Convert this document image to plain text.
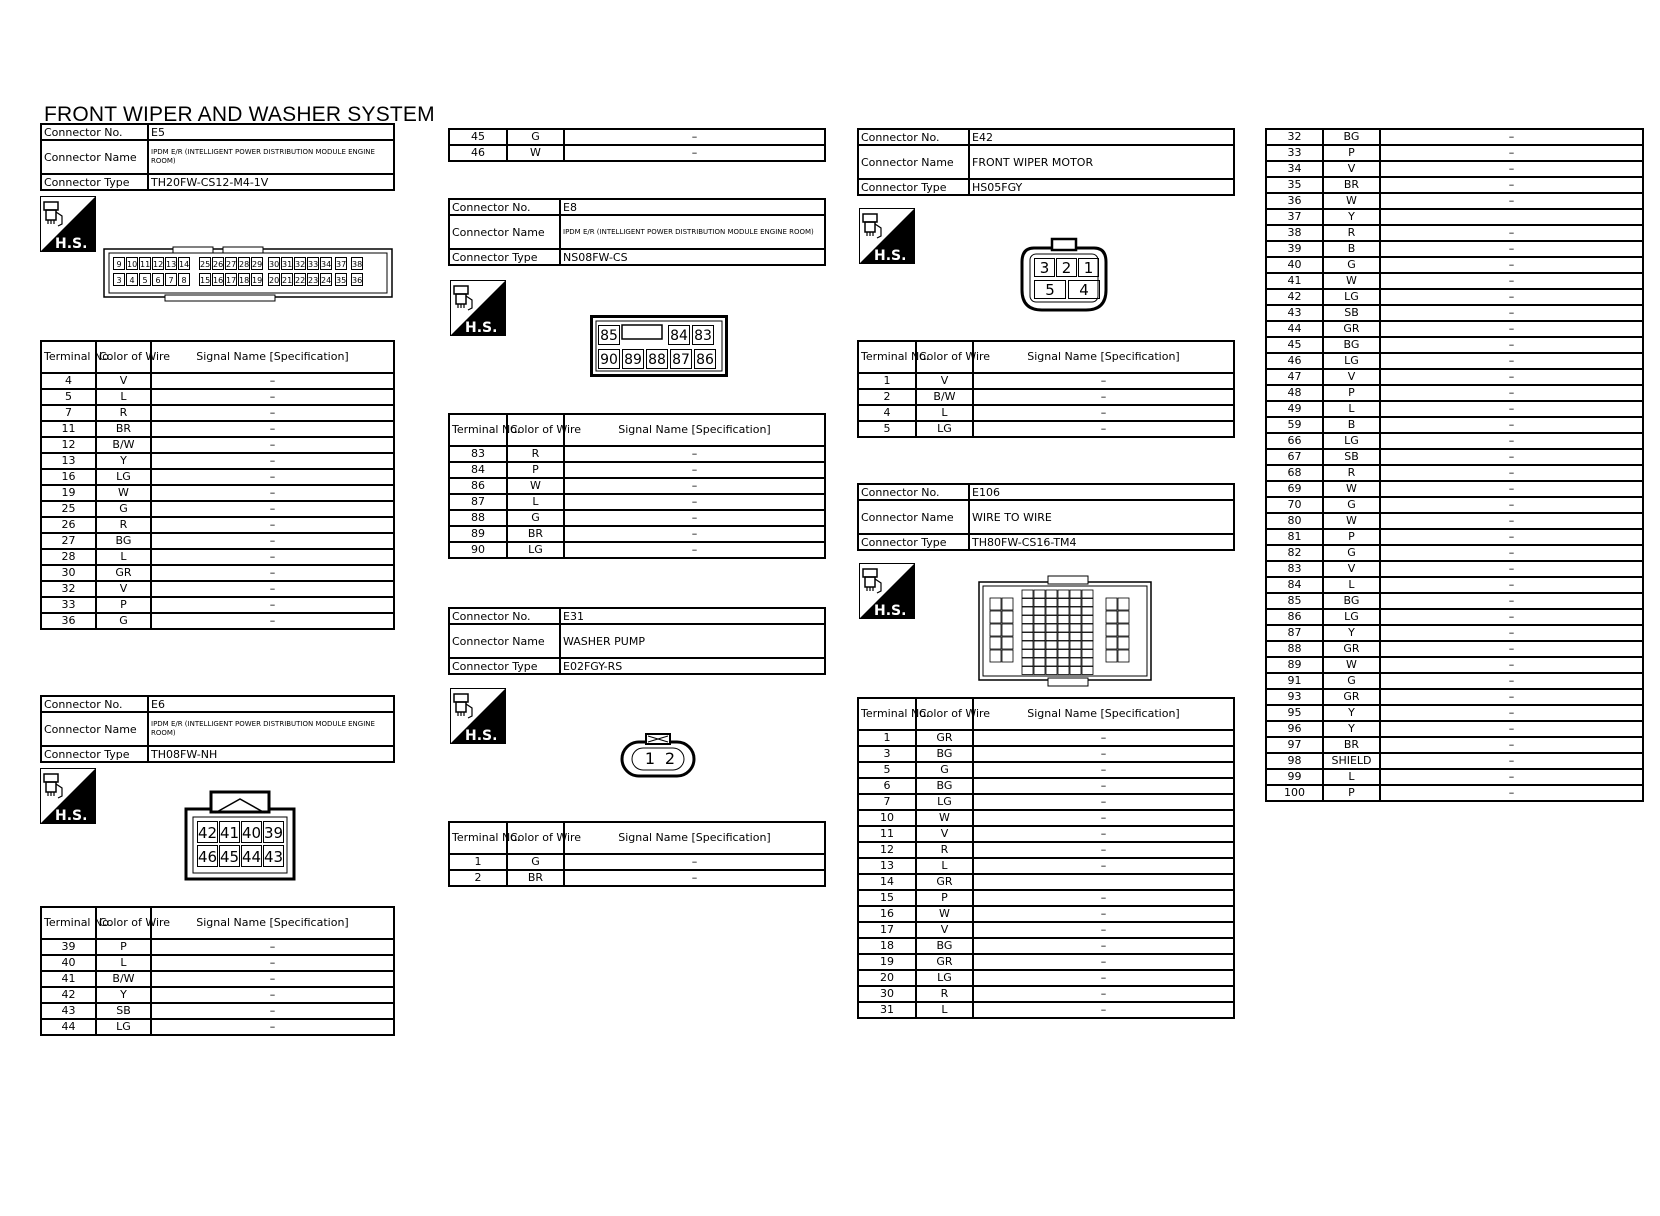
FRONT WIPER AND WASHER SYSTEM
Connector No.	E5
Connector Name	IPDM E/R (INTELLIGENT POWER DISTRIBUTION MODULE ENGINE ROOM)
Connector Type	TH20FW-CS12-M4-1V
H.S.
9 10 11 12 13 14 25 26 27 28 29 30 31 32 33 34 37 38
3 4 5 6 7 8	15 16 17 18 19 20 21 22 23 24 35 36
Terminal No.	Color of Wire	Signal Name [Specification]
4	V	–
5	L	–
7	R	–
11	BR	–
12	B/W	–
13	Y	–
16	LG	–
19	W	–
25	G	–
26	R	–
27	BG	–
28	L	–
30	GR	–
32	V	–
33	P	–
36	G	–
Connector No.	E6
Connector Name	IPDM E/R (INTELLIGENT POWER DISTRIBUTION MODULE ENGINE ROOM)
Connector Type	TH08FW-NH
H.S.
42 41 40 39
46 45 44 43
Terminal No.	Color of Wire	Signal Name [Specification]
39	P	–
40	L	–
41	B/W	–
42	Y	–
43	SB	–
44	LG	–
45	G	–
46	W	–
Connector No.	E8
Connector Name	IPDM E/R (INTELLIGENT POWER DISTRIBUTION MODULE ENGINE ROOM)
Connector Type	NS08FW-CS
H.S.	85	84 83
90 89 88 87 86
Terminal No.	Color of Wire	Signal Name [Specification]
83	R	–
84	P	–
86	W	–
87	L	–
88	G	–
89	BR	–
90	LG	–
Connector No.	E31
Connector Name	WASHER PUMP
Connector Type	E02FGY-RS
H.S.
1 2
Terminal No.	Color of Wire	Signal Name [Specification]
1	G	–
2	BR	–
Connector No.	E42
Connector Name	FRONT WIPER MOTOR
Connector Type	HS05FGY
H.S.
3 2 1
5	4
Terminal No.	Color of Wire	Signal Name [Specification]
1	V	–
2	B/W	–
4	L	–
5	LG	–
Connector No.	E106
Connector Name	WIRE TO WIRE
Connector Type	TH80FW-CS16-TM4
H.S.
Terminal No.	Color of Wire	Signal Name [Specification]
1	GR	–
3	BG	–
5	G	–
6	BG	–
7	LG	–
10	W	–
11	V	–
12	R	–
13	L	–
14	GR	
15	P	–
16	W	–
17	V	–
18	BG	–
19	GR	–
20	LG	–
30	R	–
31	L	–
32	BG	–
33	P	–
34	V	–
35	BR	–
36	W	–
37	Y	
38	R	–
39	B	–
40	G	–
41	W	–
42	LG	–
43	SB	–
44	GR	–
45	BG	–
46	LG	–
47	V	–
48	P	–
49	L	–
59	B	–
66	LG	–
67	SB	–
68	R	–
69	W	–
70	G	–
80	W	–
81	P	–
82	G	–
83	V	–
84	L	–
85	BG	–
86	LG	–
87	Y	–
88	GR	–
89	W	–
91	G	–
93	GR	–
95	Y	–
96	Y	–
97	BR	–
98	SHIELD	–
99	L	–
100	P	–
